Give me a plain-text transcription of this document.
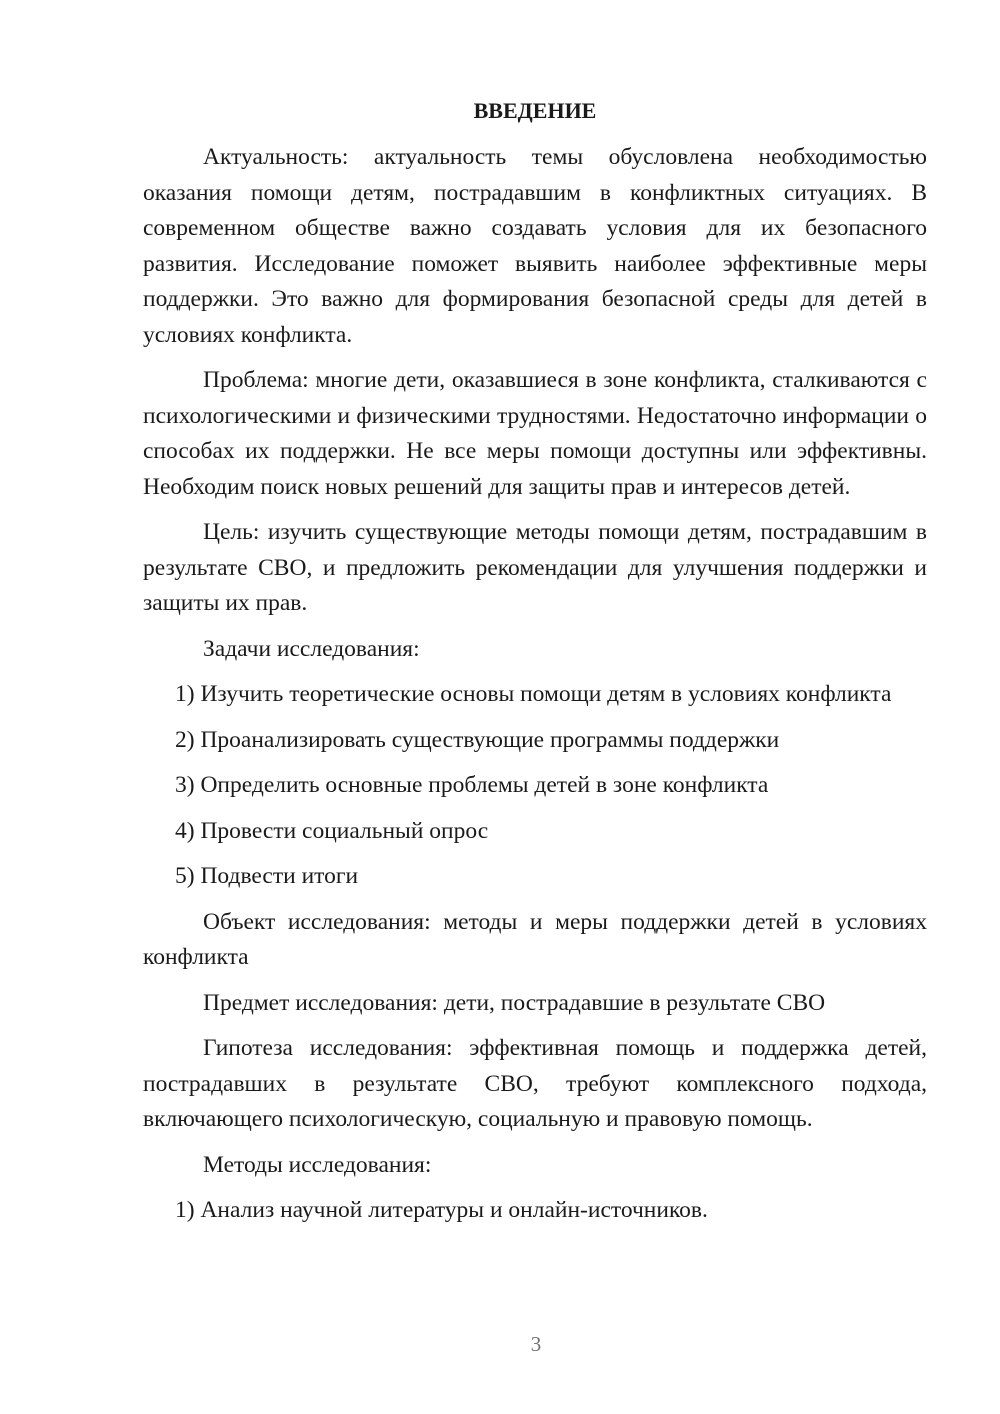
ВВЕДЕНИЕ

Актуальность: актуальность темы обусловлена необходимостью оказания помощи детям, пострадавшим в конфликтных ситуациях. В современном обществе важно создавать условия для их безопасного развития. Исследование поможет выявить наиболее эффективные меры поддержки. Это важно для формирования безопасной среды для детей в условиях конфликта.

Проблема: многие дети, оказавшиеся в зоне конфликта, сталкиваются с психологическими и физическими трудностями. Недостаточно информации о способах их поддержки. Не все меры помощи доступны или эффективны. Необходим поиск новых решений для защиты прав и интересов детей.

Цель: изучить существующие методы помощи детям, пострадавшим в результате СВО, и предложить рекомендации для улучшения поддержки и защиты их прав.

Задачи исследования:

1) Изучить теоретические основы помощи детям в условиях конфликта

2) Проанализировать существующие программы поддержки

3) Определить основные проблемы детей в зоне конфликта

4) Провести социальный опрос

5) Подвести итоги

Объект исследования: методы и меры поддержки детей в условиях конфликта

Предмет исследования: дети, пострадавшие в результате СВО

Гипотеза исследования: эффективная помощь и поддержка детей, пострадавших в результате СВО, требуют комплексного подхода, включающего психологическую, социальную и правовую помощь.

Методы исследования:

1) Анализ научной литературы и онлайн-источников.

3
